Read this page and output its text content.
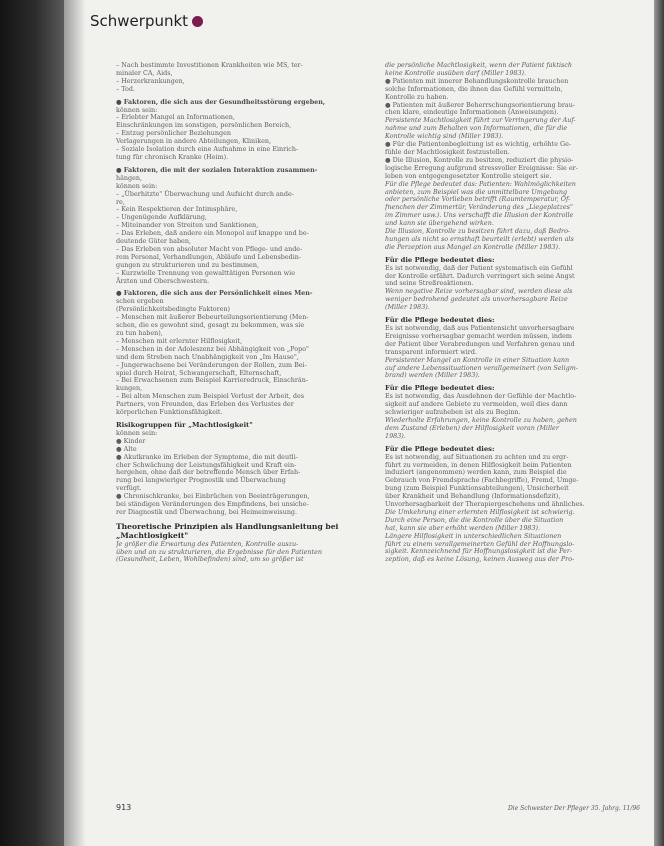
Schwerpunkt

– Nach bestimmte Investitionen Krankheiten wie MS, ter-

minaler CA, Aids,

– Herzerkrankungen,

– Tod.

● Faktoren, die sich aus der Gesundheitsstörung ergeben,

können sein:

– Erlebter Mangel an Informationen,

Einschränkungen im sonstigen, persönlichen Bereich,

– Entzug persönlicher Beziehungen

Verlagerungen in andere Abteilungen, Kliniken,

– Soziale Isolation durch eine Aufnahme in eine Einrich-

tung für chronisch Kranke (Heim).

● Faktoren, die mit der sozialen Interaktion zusammen-

hängen,

können sein:

– „Überhitzte" Überwachung und Aufsicht durch ande-

re,

– Kein Respektieren der Intimsphäre,

– Ungenügende Aufklärung,

– Miteinander von Streiten und Sanktionen,

– Das Erleben, daß andere ein Monopol auf knappe und be-

deutende Güter haben,

– Das Erleben von absoluter Macht von Pflege- und ande-

rem Personal, Verhandlungen, Abläufe und Lebensbedin-

gungen zu strukturieren und zu bestimmen,

– Kurzwielle Trennung von gewalttätigen Personen wie

Ärzten und Oberschwestern.

● Faktoren, die sich aus der Persönlichkeit eines Men-

schen ergeben

(Persönlichkeitsbedingte Faktoren)

– Menschen mit äußerer Bebeurteilungsorientierung (Men-

schen, die es gewohnt sind, gesagt zu bekommen, was sie

zu tun haben),

– Menschen mit erlernter Hilflosigkeit,

– Menschen in der Adoleszenz bei Abhängigkeit von „Popo"

und dem Streben nach Unabhängigkeit von „Im Hause",

– Jungerwachsene bei Veränderungen der Rollen, zum Bei-

spiel durch Heirat, Schwangerschaft, Elternschaft,

– Bei Erwachsenen zum Beispiel Karrieredruck, Einschrän-

kungen,

– Bei alten Menschen zum Beispiel Verlust der Arbeit, des

Partners, von Freunden, das Erleben des Verlustes der

körperlichen Funktionsfähigkeit.

Risikogruppen für „Machtlosigkeit"

können sein:

● Kinder

● Alte

● Akutkranke im Erleben der Symptome, die mit deutli-

cher Schwächung der Leistungsfähigkeit und Kraft ein-

hergehen, ohne daß der betreffende Mensch über Erfah-

rung bei langwieriger Prognostik und Überwachung

verfügt.

● Chronischkranke, bei Einbrüchen von Beeinträgerungen,

bei ständigen Veränderungen des Empfindens, bei unsiche-

rer Diagnostik und Überwachung, bei Heimeinweisung.

Theoretische Prinzipien als Handlungsanleitung bei

„Machtlosigkeit"

Je größer die Erwartung des Patienten, Kontrolle auszu-

üben und an zu strukturieren, die Ergebnisse für den Patienten

(Gesundheit, Leben, Wohlbefinden) sind, um so größer ist

die persönliche Machtlosigkeit, wenn der Patient faktisch

keine Kontrolle ausüben darf (Miller 1983).

● Patienten mit innerer Behandlungskontrolle brauchen

solche Informationen, die ihnen das Gefühl vermitteln,

Kontrolle zu haben.

● Patienten mit äußerer Beherrschungsorientierung brau-

chen klare, eindeutige Informationen (Anweisungen).

Persistente Machtlosigkeit führt zur Verringerung der Auf-

nahme und zum Behalten von Informationen, die für die

Kontrolle wichtig sind (Miller 1983).

● Für die Patientenbegleitung ist es wichtig, erhöhte Ge-

fühle der Machtlosigkeit festzustellen.

● Die Illusion, Kontrolle zu besitzen, reduziert die physio-

logische Erregung aufgrund stressvoller Ereignisse: Sie er-

leben von entgegengesetzter Kontrolle steigert sie.

Für die Pflege bedeutet das: Patienten: Wahlmöglichkeiten

anbieten, zum Beispiel was die unmittelbare Umgebung

oder persönliche Vorlieben betrifft (Raumtemperatur, Öf-

fnenchen der Zimmertür, Veränderung des „Liegeplatzes"

im Zimmer usw.). Uns verschafft die Illusion der Kontrolle

und kann sie übergehend wirken.

Die Illusion, Kontrolle zu besitzen führt dazu, daß Bedro-

hungen als nicht so ernsthaft beurteilt (erlebt) werden als

die Perzeption aus Mangel an Kontrolle (Miller 1983).

Für die Pflege bedeutet dies:

Es ist notwendig, daß der Patient systematisch ein Gefühl

der Kontrolle erfährt. Dadurch verringert sich seine Angst

und seine Streßreaktionen.

Wenn negative Reize vorhersagbar sind, werden diese als

weniger bedrohend gedeutet als unvorhersagbare Reize

(Miller 1983).

Für die Pflege bedeutet dies:

Es ist notwendig, daß aus Patientensicht unvorhersagbare

Ereignisse vorhersagbar gemacht werden müssen, indem

der Patient über Verabredungen und Verfahren genau und

transparent informiert wird.

Persistenter Mangel an Kontrolle in einer Situation kann

auf andere Lebenssituationen verallgemeinert (von Seligm-

brand) werden (Miller 1983).

Für die Pflege bedeutet dies:

Es ist notwendig, das Ausdehnen der Gefühle der Machtlo-

sigkeit auf andere Gebiete zu vermeiden, weil dies dann

schwieriger aufzuheben ist als zu Beginn.

Wiederholte Erfahrungen, keine Kontrolle zu haben, gehen

dem Zustand (Erleben) der Hilflosigkeit voran (Miller

1983).

Für die Pflege bedeutet dies:

Es ist notwendig, auf Situationen zu achten und zu ergr-

führt zu vermeiden, in denen Hilflosigkeit beim Patienten

induziert (angenommen) werden kann, zum Beispiel die

Gebrauch von Fremdsprache (Fachbegriffe), Fremd, Umge-

bung (zum Beispiel Funktionsabteilungen), Unsicherheit

über Krankheit und Behandlung (Informationsdefizit),

Unvorhersagbarkeit der Therapiergeschehens und ähnliches.

Die Umkehrung einer erlernten Hilflosigkeit ist schwierig.

Durch eine Person, die die Kontrolle über die Situation

hat, kann sie aber erhöht werden (Miller 1983).

Längere Hilflosigkeit in unterschiedlichen Situationen

führt zu einem verallgemeinerten Gefühl der Hoffnungslo-

sigkeit. Kennzeichnend für Hoffnungslosigkeit ist die Per-

zeption, daß es keine Lösung, keinen Ausweg aus der Pro-

913	Die Schwester Der Pfleger 35. Jahrg. 11/96
